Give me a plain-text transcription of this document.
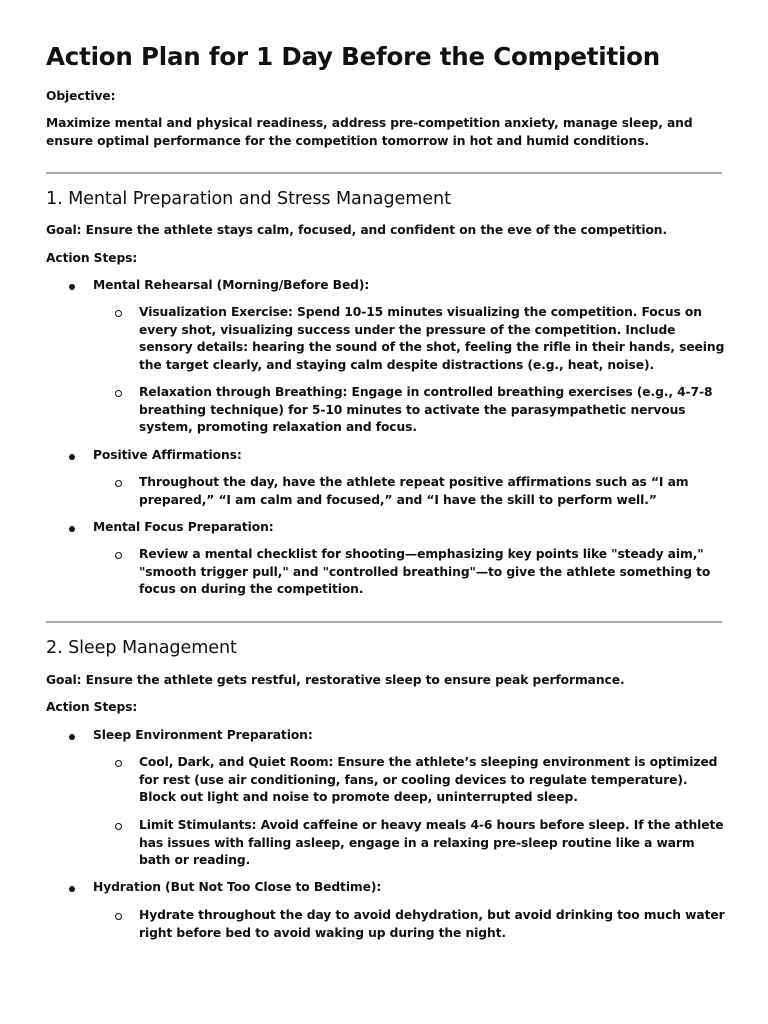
Action Plan for 1 Day Before the Competition

Objective:

Maximize mental and physical readiness, address pre-competition anxiety, manage sleep, and ensure optimal performance for the competition tomorrow in hot and humid conditions.

1. Mental Preparation and Stress Management

Goal: Ensure the athlete stays calm, focused, and confident on the eve of the competition.

Action Steps:

Mental Rehearsal (Morning/Before Bed):

Visualization Exercise: Spend 10-15 minutes visualizing the competition. Focus on every shot, visualizing success under the pressure of the competition. Include sensory details: hearing the sound of the shot, feeling the rifle in their hands, seeing the target clearly, and staying calm despite distractions (e.g., heat, noise).

Relaxation through Breathing: Engage in controlled breathing exercises (e.g., 4-7-8 breathing technique) for 5-10 minutes to activate the parasympathetic nervous system, promoting relaxation and focus.

Positive Affirmations:

Throughout the day, have the athlete repeat positive affirmations such as “I am prepared,” “I am calm and focused,” and “I have the skill to perform well.”

Mental Focus Preparation:

Review a mental checklist for shooting—emphasizing key points like "steady aim," "smooth trigger pull," and "controlled breathing"—to give the athlete something to focus on during the competition.

2. Sleep Management

Goal: Ensure the athlete gets restful, restorative sleep to ensure peak performance.

Action Steps:

Sleep Environment Preparation:

Cool, Dark, and Quiet Room: Ensure the athlete’s sleeping environment is optimized for rest (use air conditioning, fans, or cooling devices to regulate temperature). Block out light and noise to promote deep, uninterrupted sleep.

Limit Stimulants: Avoid caffeine or heavy meals 4-6 hours before sleep. If the athlete has issues with falling asleep, engage in a relaxing pre-sleep routine like a warm bath or reading.

Hydration (But Not Too Close to Bedtime):

Hydrate throughout the day to avoid dehydration, but avoid drinking too much water right before bed to avoid waking up during the night.
